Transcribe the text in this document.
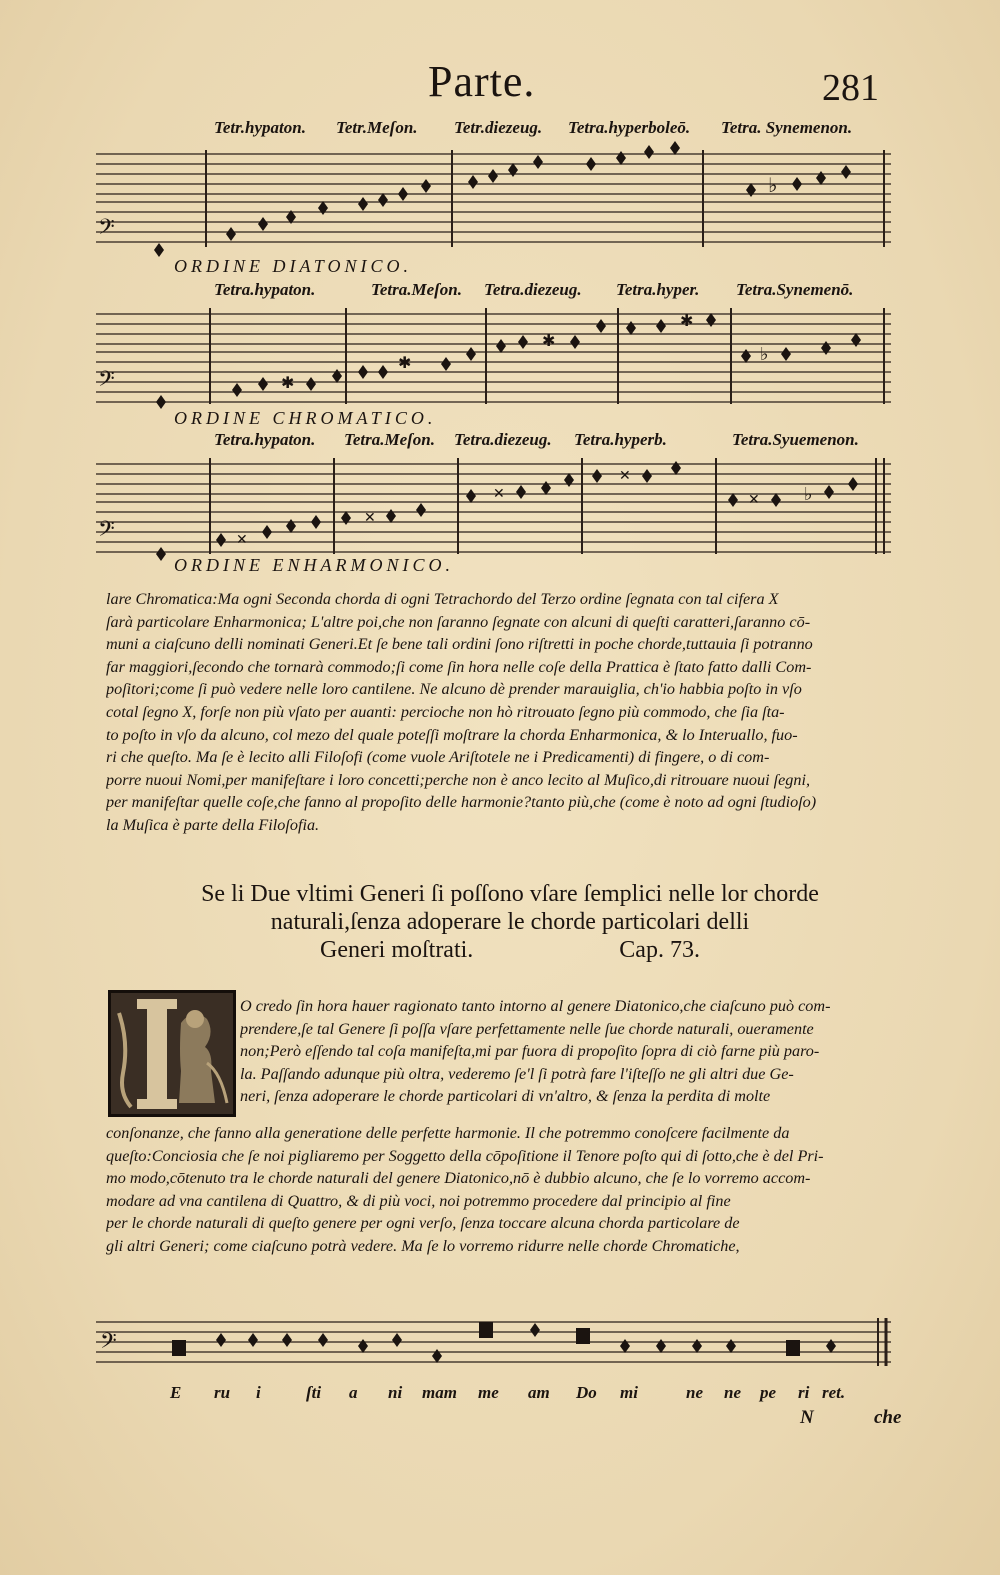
Parte.	281
Tetr.hypaton. Tetr.Meſon. Tetr.diezeug. Tetra.hyperboleō. Tetra. Synemenon.
𝄢
♭
ORDINE DIATONICO.
Tetra.hypaton.	Tetra.Meſon. Tetra.diezeug. Tetra.hyper. Tetra.Synemenō.
𝄢	✱
✱
✱
✱
♭
ORDINE CHROMATICO.
Tetra.hypaton. Tetra.Meſon. Tetra.diezeug. Tetra.hyperb.	Tetra.Syuemenon.
𝄢	✕
✕
✕
✕
✕ ♭
ORDINE ENHARMONICO.
lare Chromatica:Ma ogni Seconda chorda di ogni Tetrachordo del Terzo ordine ſegnata con tal cifera X
ſarà particolare Enharmonica; L'altre poi,che non ſaranno ſegnate con alcuni di queſti caratteri,ſaranno cō-
muni a ciaſcuno delli nominati Generi.Et ſe bene tali ordini ſono riſtretti in poche chorde,tuttauia ſi potranno
far maggiori,ſecondo che tornarà commodo;ſi come ſin hora nelle coſe della Prattica è ſtato fatto dalli Com-
poſitori;come ſi può vedere nelle loro cantilene. Ne alcuno dè prender marauiglia, ch'io habbia poſto in vſo
cotal ſegno X, forſe non più vſato per auanti: percioche non hò ritrouato ſegno più commodo, che ſia ſta-
to poſto in vſo da alcuno, col mezo del quale poteſſi moſtrare la chorda Enharmonica, & lo Interuallo, fuo-
ri che queſto. Ma ſe è lecito alli Filoſofi (come vuole Ariſtotele ne i Predicamenti) di fingere, o di com-
porre nuoui Nomi,per manifeſtare i loro concetti;perche non è anco lecito al Muſico,di ritrouare nuoui ſegni,
per manifeſtar quelle coſe,che fanno al propoſito delle harmonie?tanto più,che (come è noto ad ogni ſtudioſo)
la Muſica è parte della Filoſofia.
Se li Due vltimi Generi ſi poſſono vſare ſemplici nelle lor chorde
naturali,ſenza adoperare le chorde particolari delli
Generi moſtrati.	Cap. 73.
O credo ſin hora hauer ragionato tanto intorno al genere Diatonico,che ciaſcuno può com-
prendere,ſe tal Genere ſi poſſa vſare perfettamente nelle ſue chorde naturali, oueramente
non;Però eſſendo tal coſa manifeſta,mi par fuora di propoſito ſopra di ciò farne più paro-
la. Paſſando adunque più oltra, vederemo ſe'l ſi potrà fare l'iſteſſo ne gli altri due Ge-
neri, ſenza adoperare le chorde particolari di vn'altro, & ſenza la perdita di molte
conſonanze, che fanno alla generatione delle perfette harmonie. Il che potremmo conoſcere facilmente da
queſto:Conciosia che ſe noi pigliaremo per Soggetto della cōpoſitione il Tenore poſto qui di ſotto,che è del Pri-
mo modo,cōtenuto tra le chorde naturali del genere Diatonico,nō è dubbio alcuno, che ſe lo vorremo accom-
modare ad vna cantilena di Quattro, & di più voci, noi potremmo procedere dal principio al fine
per le chorde naturali di queſto genere per ogni verſo, ſenza toccare alcuna chorda particolare de
gli altri Generi; come ciaſcuno potrà vedere. Ma ſe lo vorremo ridurre nelle chorde Chromatiche,
𝄢
E ru i	ſti a ni mam me am Do mi	ne ne pe ri ret.
N	che
